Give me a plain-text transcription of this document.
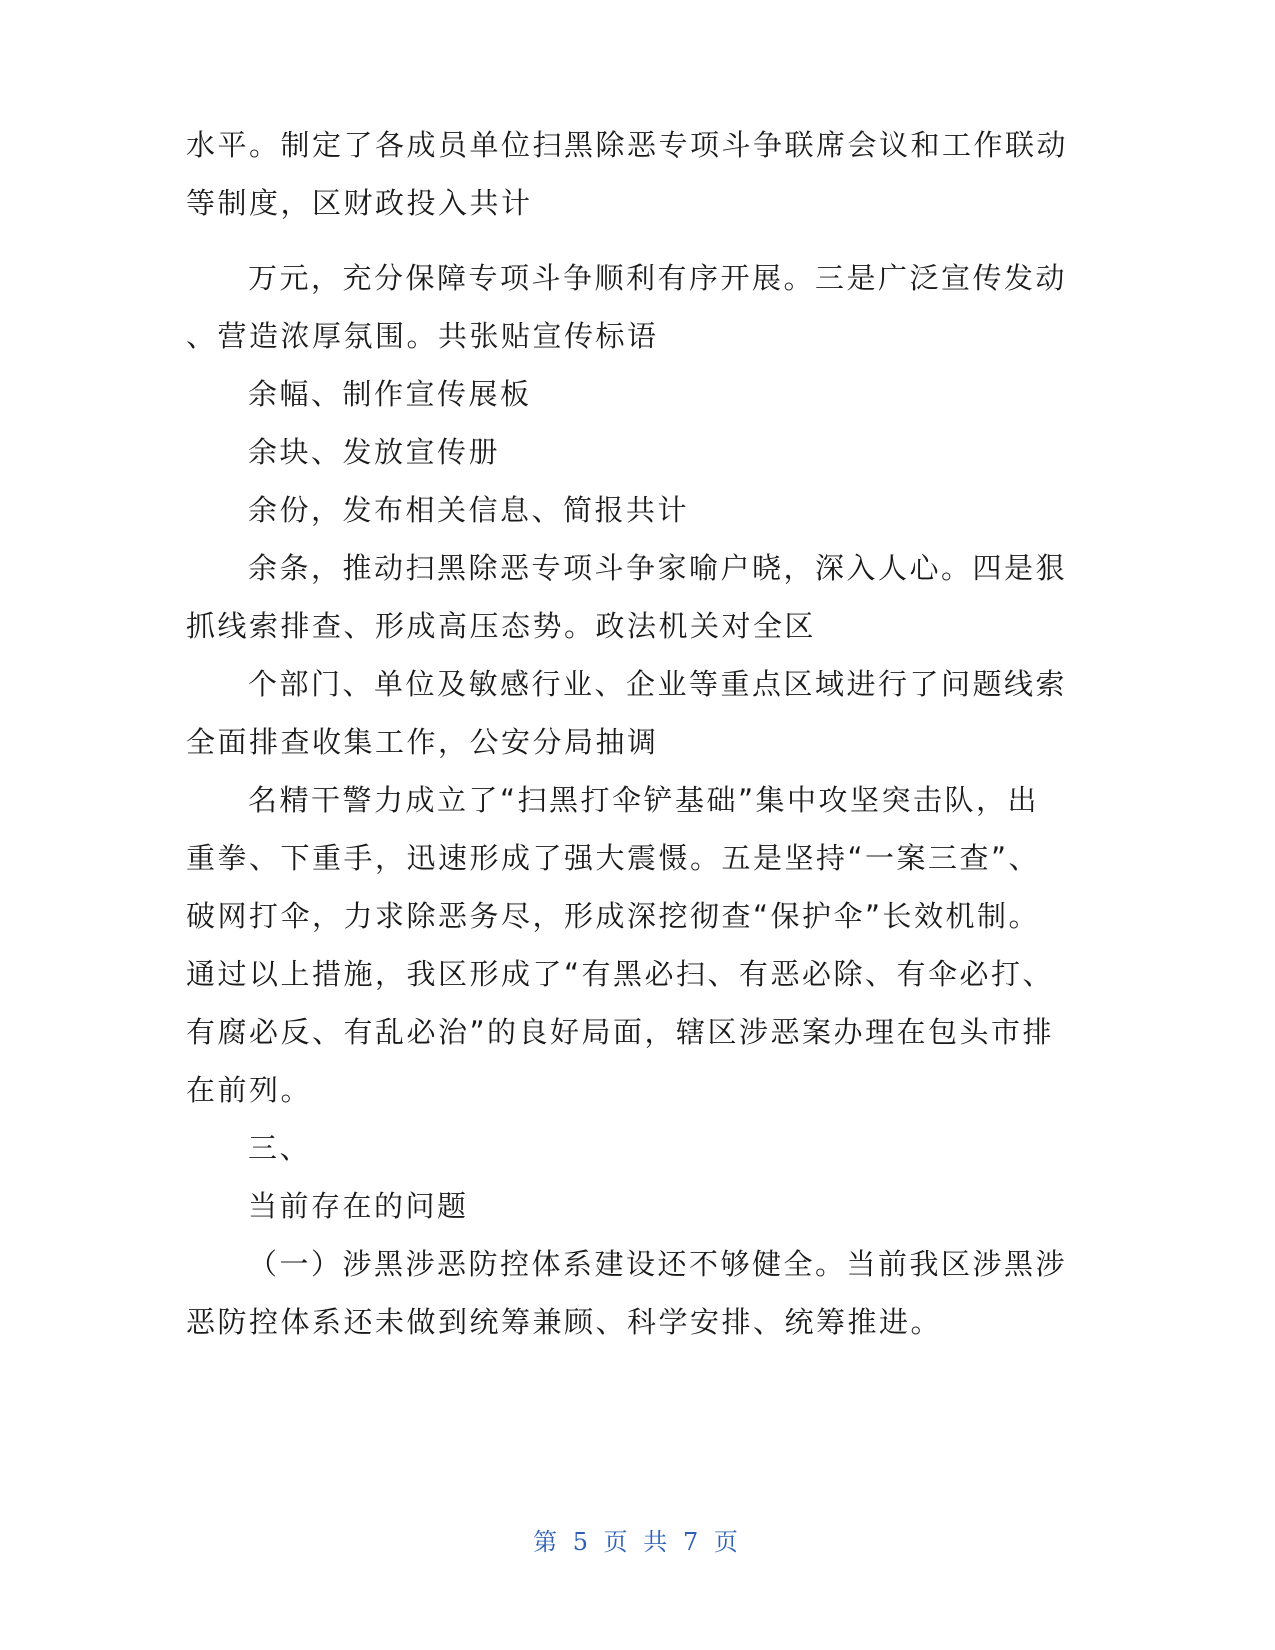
水平。制定了各成员单位扫黑除恶专项斗争联席会议和工作联动
等制度，区财政投入共计
万元，充分保障专项斗争顺利有序开展。三是广泛宣传发动
、营造浓厚氛围。共张贴宣传标语
余幅、制作宣传展板
余块、发放宣传册
余份，发布相关信息、简报共计
余条，推动扫黑除恶专项斗争家喻户晓，深入人心。四是狠
抓线索排查、形成高压态势。政法机关对全区
个部门、单位及敏感行业、企业等重点区域进行了问题线索
全面排查收集工作，公安分局抽调
名精干警力成立了“扫黑打伞铲基础”集中攻坚突击队，出
重拳、下重手，迅速形成了强大震慑。五是坚持“一案三查”、
破网打伞，力求除恶务尽，形成深挖彻查“保护伞”长效机制。
通过以上措施，我区形成了“有黑必扫、有恶必除、有伞必打、
有腐必反、有乱必治”的良好局面，辖区涉恶案办理在包头市排
在前列。
三、
当前存在的问题
（一）涉黑涉恶防控体系建设还不够健全。当前我区涉黑涉
恶防控体系还未做到统筹兼顾、科学安排、统筹推进。
第 5 页 共 7 页
